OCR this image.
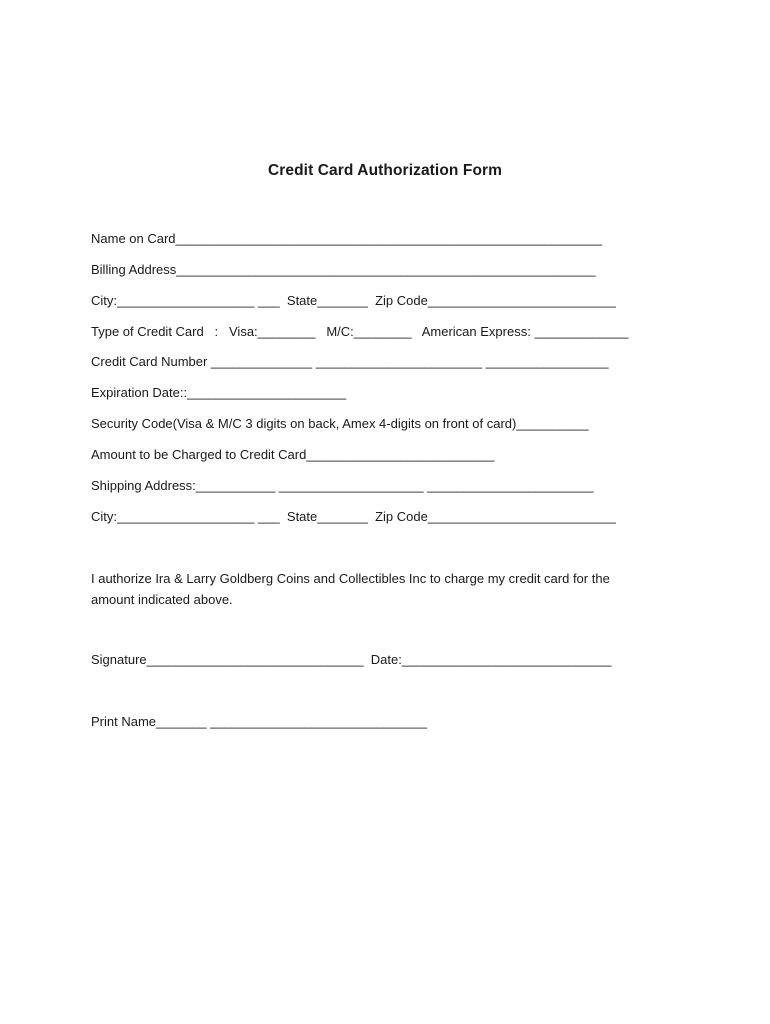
Credit Card Authorization Form
Name on Card___________________________________________________________
Billing Address__________________________________________________________
City:___________________ ___  State_______  Zip Code__________________________
Type of Credit Card   :   Visa:________   M/C:________   American Express: _____________
Credit Card Number ______________ _______________________ _________________
Expiration Date::______________________
Security Code(Visa & M/C 3 digits on back, Amex 4-digits on front of card)__________
Amount to be Charged to Credit Card__________________________
Shipping Address:___________ ____________________ _______________________
City:___________________ ___  State_______  Zip Code__________________________
I authorize Ira & Larry Goldberg Coins and Collectibles Inc to charge my credit card for the amount indicated above.
Signature______________________________  Date:_____________________________
Print Name_______ ______________________________
